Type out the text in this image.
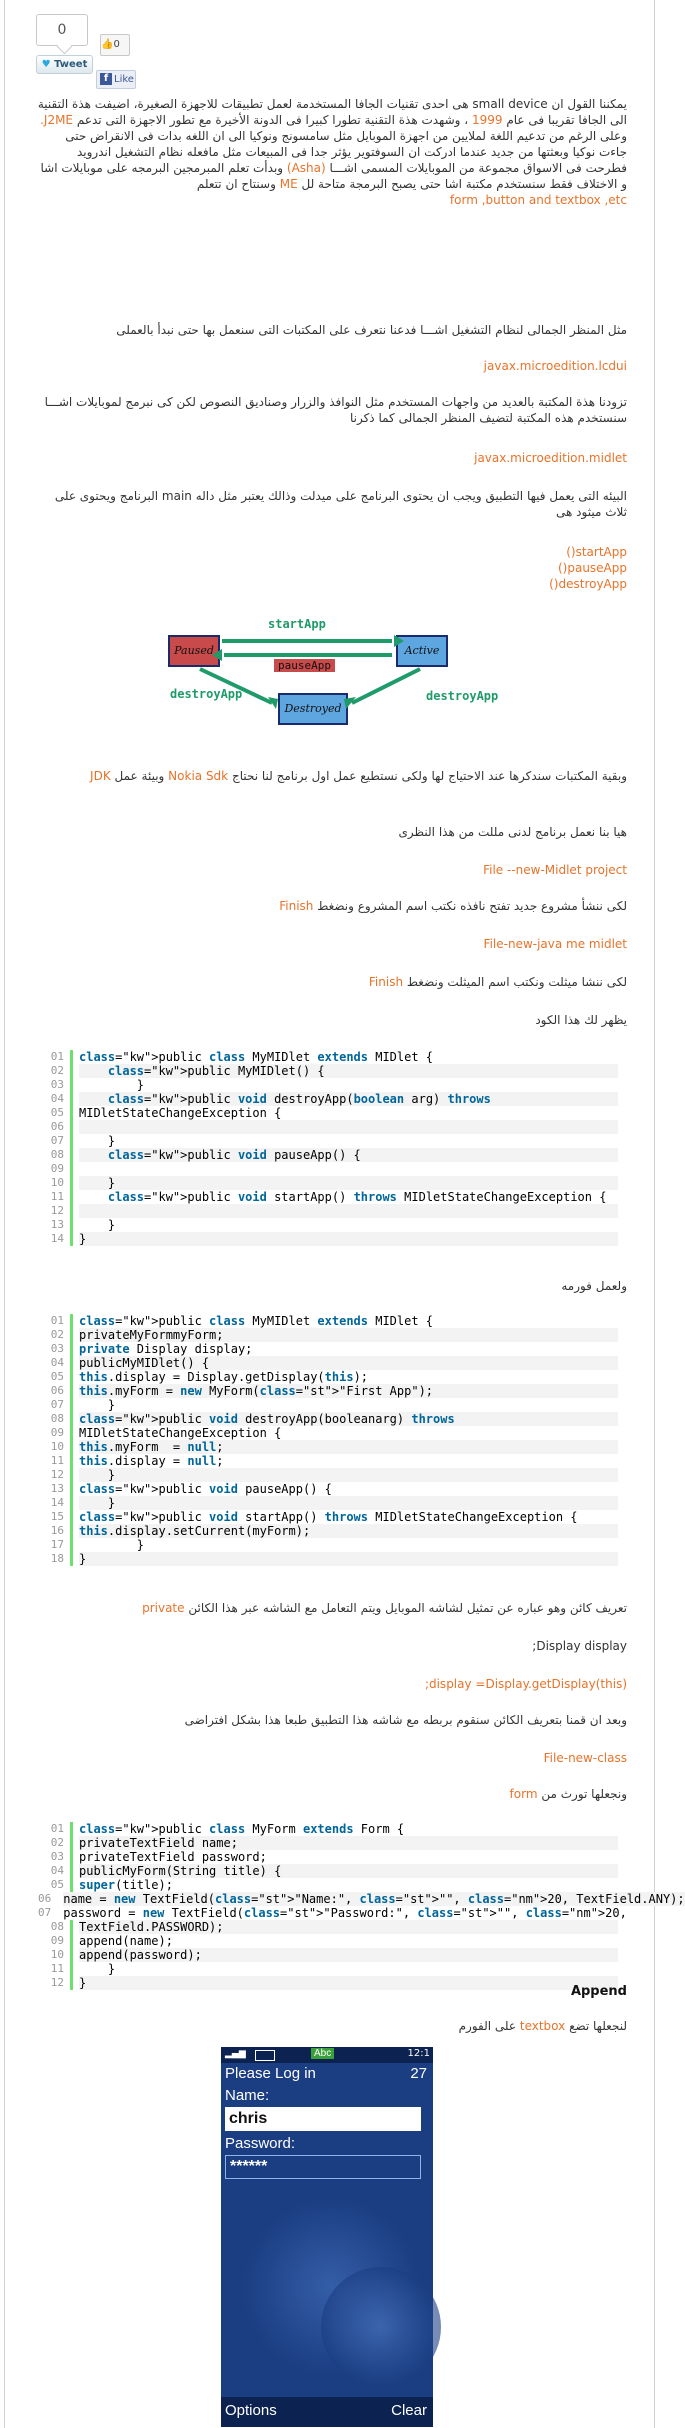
0
♥ Tweet
👍0
f Like
يمكننا القول ان small device هى احدى تقنيات الجافا المستخدمة لعمل تطبيقات للاجهزة الصغيرة، اضيفت هذة التقنية الى الجافا تقريبا فى عام 1999 ، وشهدت هذة التقنية تطورا كبيرا فى الدونة الأخيرة مع تطور الاجهزة التى تدعم J2ME.
وعلى الرغم من تدعيم اللغة لملايين من اجهزة الموبايل مثل سامسونج ونوكيا الى ان اللغه بدات فى الانقراض حتى جاءت نوكيا وبعثتها من جديد عندما ادركت ان السوفتوير يؤثر جدا فى المبيعات مثل مافعله نظام التشغيل اندرويد فطرحت فى الاسواق مجموعة من الموبايلات المسمى اشـــا (Asha) وبدأت تعلم المبرمجين البرمجه على موبايلات اشا و الاختلاف فقط سنستخدم مكتبة اشا حتى يصبح البرمجة متاحة لل ME وسنتاح ان تتعلم
form ,button and textbox ,etc
مثل المنظر الجمالى لنظام التشغيل اشـــا فدعنا نتعرف على المكتبات التى سنعمل بها حتى نبدأ بالعملى
javax.microedition.lcdui
تزودنا هذة المكتبة بالعديد من واجهات المستخدم مثل النوافذ والزرار وصناديق النصوص لكن كى نبرمج لموبايلات اشـــا سنستخدم هذه المكتبة لتضيف المنظر الجمالى كما ذكرنا
javax.microedition.midlet
البيئه التى يعمل فيها التطبيق ويجب ان يحتوى البرنامج على ميدلت وذالك يعتبر مثل داله main البرنامج ويحتوى على ثلاث ميثود هى
startApp()
pauseApp()
destroyApp()
Paused	Active
Destroyed
startApp
pauseApp
destroyApp	destroyApp
وبقية المكتبات سندكرها عند الاحتياج لها ولكى نستطيع عمل اول برنامج لنا نحتاج Nokia Sdk وبيئة عمل JDK
هيا بنا نعمل برنامج لدنى مللت من هذا النظرى
File --new-Midlet project
لكى ننشأ مشروع جديد تفتح نافذه نكتب اسم المشروع ونضغط Finish
File-new-java me midlet
لكى ننشا ميثلت ونكتب اسم الميثلت ونضغط Finish
يظهر لك هذا الكود
01	class="kw">public class MyMIDlet extends MIDlet {
02	class="kw">public MyMIDlet() {
03	}
04	class="kw">public void destroyApp(boolean arg) throws
05	MIDletStateChangeException {
06
07	}
08	class="kw">public void pauseApp() {
09
10	}
11	class="kw">public void startApp() throws MIDletStateChangeException {
12
13	}
14	}
ولعمل فورمه
01	class="kw">public class MyMIDlet extends MIDlet {
02	privateMyFormmyForm;
03	private Display display;
04	publicMyMIDlet() {
05	this.display = Display.getDisplay(this);
06	this.myForm = new MyForm(class="st">"First App");
07	}
08	class="kw">public void destroyApp(booleanarg) throws
09	MIDletStateChangeException {
10	this.myForm  = null;
11	this.display = null;
12	}
13	class="kw">public void pauseApp() {
14	}
15	class="kw">public void startApp() throws MIDletStateChangeException {
16	this.display.setCurrent(myForm);
17	}
18	}
تعريف كائن وهو عباره عن تمثيل لشاشه الموبايل ويتم التعامل مع الشاشه عبر هذا الكائن private
Display display;
display =Display.getDisplay(this);
وبعد ان قمنا بتعريف الكائن سنقوم بربطه مع شاشه هذا التطبيق طبعا هذا بشكل افتراضى
File-new-class
ونجعلها تورث من form
01	class="kw">public class MyForm extends Form {
02	privateTextField name;
03	privateTextField password;
04	publicMyForm(String title) {
05	super(title);
06	name = new TextField(class="st">"Name:", class="st">"", class="nm">20, TextField.ANY);
07	password = new TextField(class="st">"Password:", class="st">"", class="nm">20,
08	TextField.PASSWORD);
09	append(name);
10	append(password);
11	}
12	}
Append
لنجعلها تضع textbox على الفورم
▂▄▆	Abc	12:1
Please Log in	27
Name:
chris
Password:
******
Options	Clear
